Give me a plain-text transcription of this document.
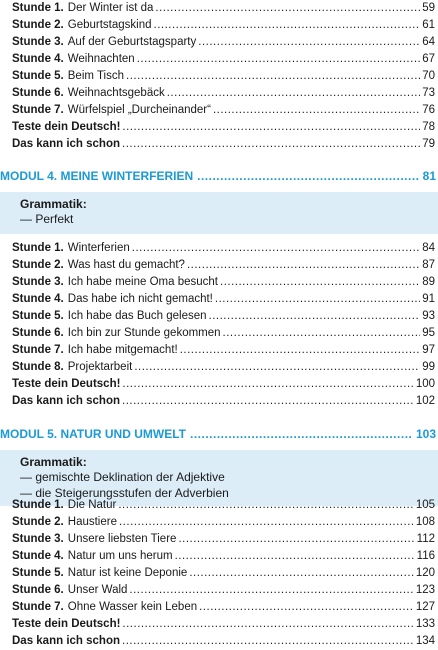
Stunde 1. Der Winter ist da .....	59
Stunde 2. Geburtstagskind .....	61
Stunde 3. Auf der Geburtstagsparty .....	64
Stunde 4. Weihnachten .....	67
Stunde 5. Beim Tisch .....	70
Stunde 6. Weihnachtsgebäck .....	73
Stunde 7. Würfelspiel „Durcheinander“ .....	76
Teste dein Deutsch! .....	78
Das kann ich schon .....	79
MODUL 4. MEINE WINTERFERIEN .....	81
Grammatik:
— Perfekt
Stunde 1. Winterferien .....	84
Stunde 2. Was hast du gemacht? .....	87
Stunde 3. Ich habe meine Oma besucht .....	89
Stunde 4. Das habe ich nicht gemacht! .....	91
Stunde 5. Ich habe das Buch gelesen .....	93
Stunde 6. Ich bin zur Stunde gekommen .....	95
Stunde 7. Ich habe mitgemacht! .....	97
Stunde 8. Projektarbeit .....	99
Teste dein Deutsch! .....	100
Das kann ich schon .....	102
MODUL 5. NATUR UND UMWELT .....	103
Grammatik:
— gemischte Deklination der Adjektive
— die Steigerungsstufen der Adverbien
Stunde 1. Die Natur .....	105
Stunde 2. Haustiere .....	108
Stunde 3. Unsere liebsten Tiere .....	112
Stunde 4. Natur um uns herum .....	116
Stunde 5. Natur ist keine Deponie .....	120
Stunde 6. Unser Wald .....	123
Stunde 7. Ohne Wasser kein Leben .....	127
Teste dein Deutsch! .....	133
Das kann ich schon .....	134
